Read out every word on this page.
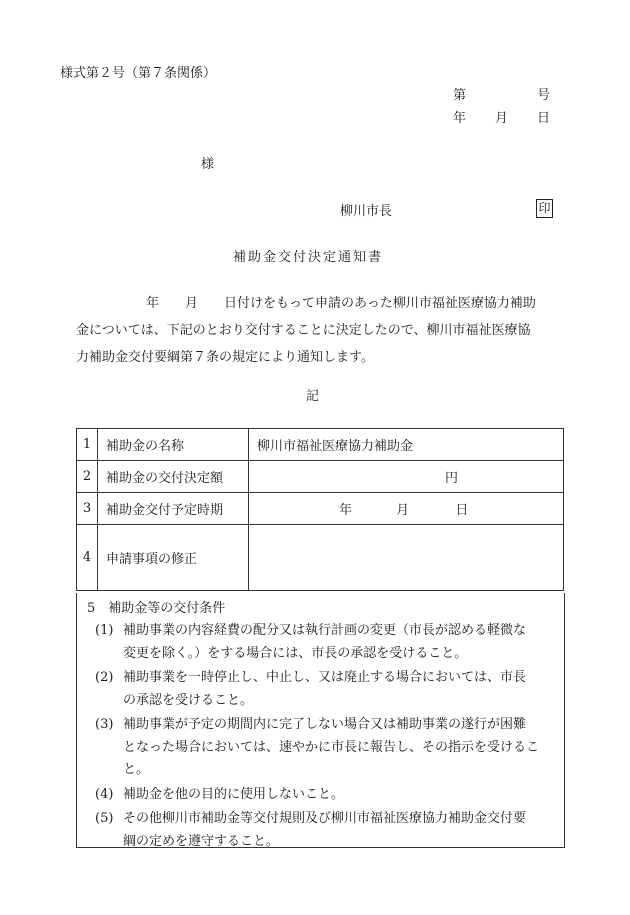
様式第２号（第７条関係）
第	号
年 月 日
様
柳川市長	印
補助金交付決定通知書
年　　月　　日付けをもって申請のあった柳川市福祉医療協力補助
金については、下記のとおり交付することに決定したので、柳川市福祉医療協
力補助金交付要綱第７条の規定により通知します。
記
1	補助金の名称	柳川市福祉医療協力補助金
2	補助金の交付決定額	円
3	補助金交付予定時期	年 月 日
4	申請事項の修正	
5　補助金等の交付条件
(1) 補助事業の内容経費の配分又は執行計画の変更（市長が認める軽微な
変更を除く。）をする場合には、市長の承認を受けること。
(2) 補助事業を一時停止し、中止し、又は廃止する場合においては、市長
の承認を受けること。
(3) 補助事業が予定の期間内に完了しない場合又は補助事業の遂行が困難
となった場合においては、速やかに市長に報告し、その指示を受けるこ
と。
(4) 補助金を他の目的に使用しないこと。
(5) その他柳川市補助金等交付規則及び柳川市福祉医療協力補助金交付要
綱の定めを遵守すること。
